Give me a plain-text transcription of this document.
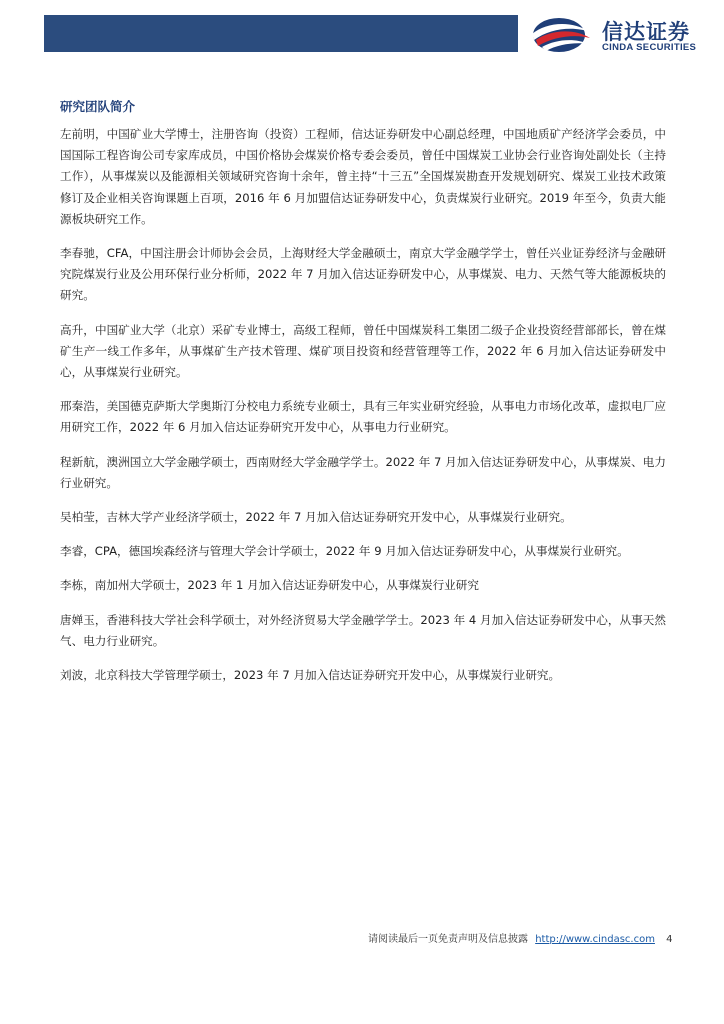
信达证券
CINDA SECURITIES
研究团队简介
左前明，中国矿业大学博士，注册咨询（投资）工程师，信达证券研发中心副总经理，中国地质矿产经济学会委员，中国国际工程咨询公司专家库成员，中国价格协会煤炭价格专委会委员，曾任中国煤炭工业协会行业咨询处副处长（主持工作），从事煤炭以及能源相关领域研究咨询十余年，曾主持“十三五”全国煤炭勘查开发规划研究、煤炭工业技术政策修订及企业相关咨询课题上百项，2016 年 6 月加盟信达证券研发中心，负责煤炭行业研究。2019 年至今，负责大能源板块研究工作。
李春驰，CFA，中国注册会计师协会会员，上海财经大学金融硕士，南京大学金融学学士，曾任兴业证券经济与金融研究院煤炭行业及公用环保行业分析师，2022 年 7 月加入信达证券研发中心，从事煤炭、电力、天然气等大能源板块的研究。
高升，中国矿业大学（北京）采矿专业博士，高级工程师，曾任中国煤炭科工集团二级子企业投资经营部部长，曾在煤矿生产一线工作多年，从事煤矿生产技术管理、煤矿项目投资和经营管理等工作，2022 年 6 月加入信达证券研发中心，从事煤炭行业研究。
邢秦浩，美国德克萨斯大学奥斯汀分校电力系统专业硕士，具有三年实业研究经验，从事电力市场化改革，虚拟电厂应用研究工作，2022 年 6 月加入信达证券研究开发中心，从事电力行业研究。
程新航，澳洲国立大学金融学硕士，西南财经大学金融学学士。2022 年 7 月加入信达证券研发中心，从事煤炭、电力行业研究。
吴柏莹，吉林大学产业经济学硕士，2022 年 7 月加入信达证券研究开发中心，从事煤炭行业研究。
李睿，CPA，德国埃森经济与管理大学会计学硕士，2022 年 9 月加入信达证券研发中心，从事煤炭行业研究。
李栋，南加州大学硕士，2023 年 1 月加入信达证券研发中心，从事煤炭行业研究
唐婵玉，香港科技大学社会科学硕士，对外经济贸易大学金融学学士。2023 年 4 月加入信达证券研发中心，从事天然气、电力行业研究。
刘波，北京科技大学管理学硕士，2023 年 7 月加入信达证券研究开发中心，从事煤炭行业研究。
请阅读最后一页免责声明及信息披露 http://www.cindasc.com 4
